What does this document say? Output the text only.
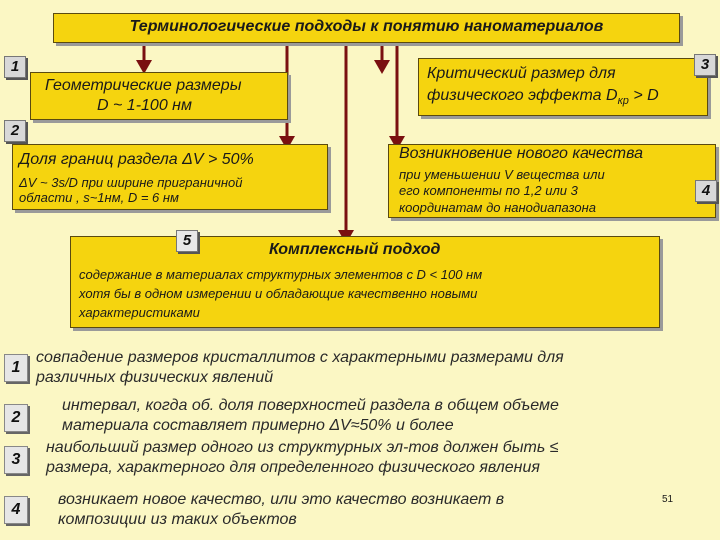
Терминологические подходы к понятию наноматериалов
Геометрические размеры
D ~ 1-100 нм
1	Критический размер для
физического эффекта $D_{кр} > D$
3
Доля границ раздела ΔV > 50%
ΔV ~ 3s/D при ширине приграничной
области , s~1нм, D = 6 нм
2
Возникновение нового качества
при уменьшении V вещества или
его компоненты по 1,2 или 3
координатам до нанодиапазона
4
Комплексный подход
содержание в материалах структурных элементов с D < 100 нм
хотя бы в одном измерении и обладающие качественно новыми
характеристиками
5
1
совпадение размеров кристаллитов с характерными размерами для
различных физических явлений
2
интервал, когда об. доля поверхностей раздела в общем объеме
материала составляет примерно ΔV≈50% и более
3
наибольший размер одного из структурных эл-тов должен быть ≤
размера, характерного для определенного физического явления
4
возникает новое качество, или это качество возникает в
композиции из таких объектов
51
